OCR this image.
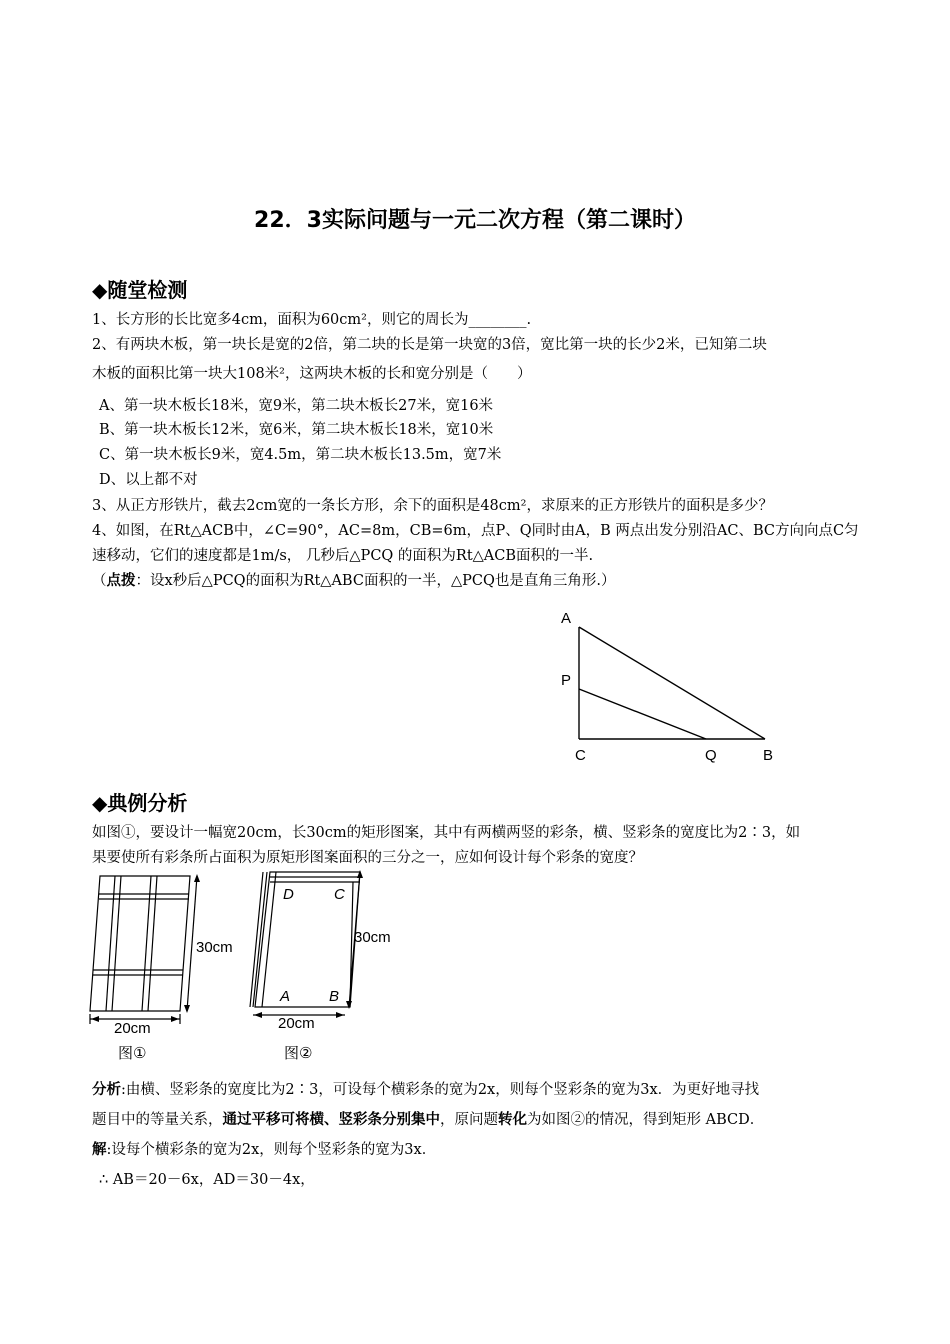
22．3实际问题与一元二次方程（第二课时）
◆随堂检测
1、长方形的长比宽多4cm，面积为60cm²，则它的周长为________.
2、有两块木板，第一块长是宽的2倍，第二块的长是第一块宽的3倍，宽比第一块的长少2米，已知第二块
木板的面积比第一块大108米²，这两块木板的长和宽分别是（　　）
A、第一块木板长18米，宽9米，第二块木板长27米，宽16米
B、第一块木板长12米，宽6米，第二块木板长18米，宽10米
C、第一块木板长9米，宽4.5m，第二块木板长13.5m，宽7米
D、以上都不对
3、从正方形铁片，截去2cm宽的一条长方形，余下的面积是48cm²，求原来的正方形铁片的面积是多少？
4、如图，在Rt△ACB中，∠C=90°，AC=8m，CB=6m，点P、Q同时由A，B 两点出发分别沿AC、BC方向向点C匀
速移动，它们的速度都是1m/s， 几秒后△PCQ 的面积为Rt△ACB面积的一半.
（点拨：设x秒后△PCQ的面积为Rt△ABC面积的一半，△PCQ也是直角三角形.）
A
P
C	Q	B
◆典例分析
如图①，要设计一幅宽20cm，长30cm的矩形图案，其中有两横两竖的彩条，横、竖彩条的宽度比为2∶3，如
果要使所有彩条所占面积为原矩形图案面积的三分之一，应如何设计每个彩条的宽度？
30cm
20cm
图①
D	C
A	B
30cm
20cm
图②
分析:由横、竖彩条的宽度比为2∶3，可设每个横彩条的宽为2x，则每个竖彩条的宽为3x．为更好地寻找
题目中的等量关系，通过平移可将横、竖彩条分别集中，原问题转化为如图②的情况，得到矩形 ABCD．
解:设每个横彩条的宽为2x，则每个竖彩条的宽为3x．
∴ AB＝20－6x，AD＝30－4x，
